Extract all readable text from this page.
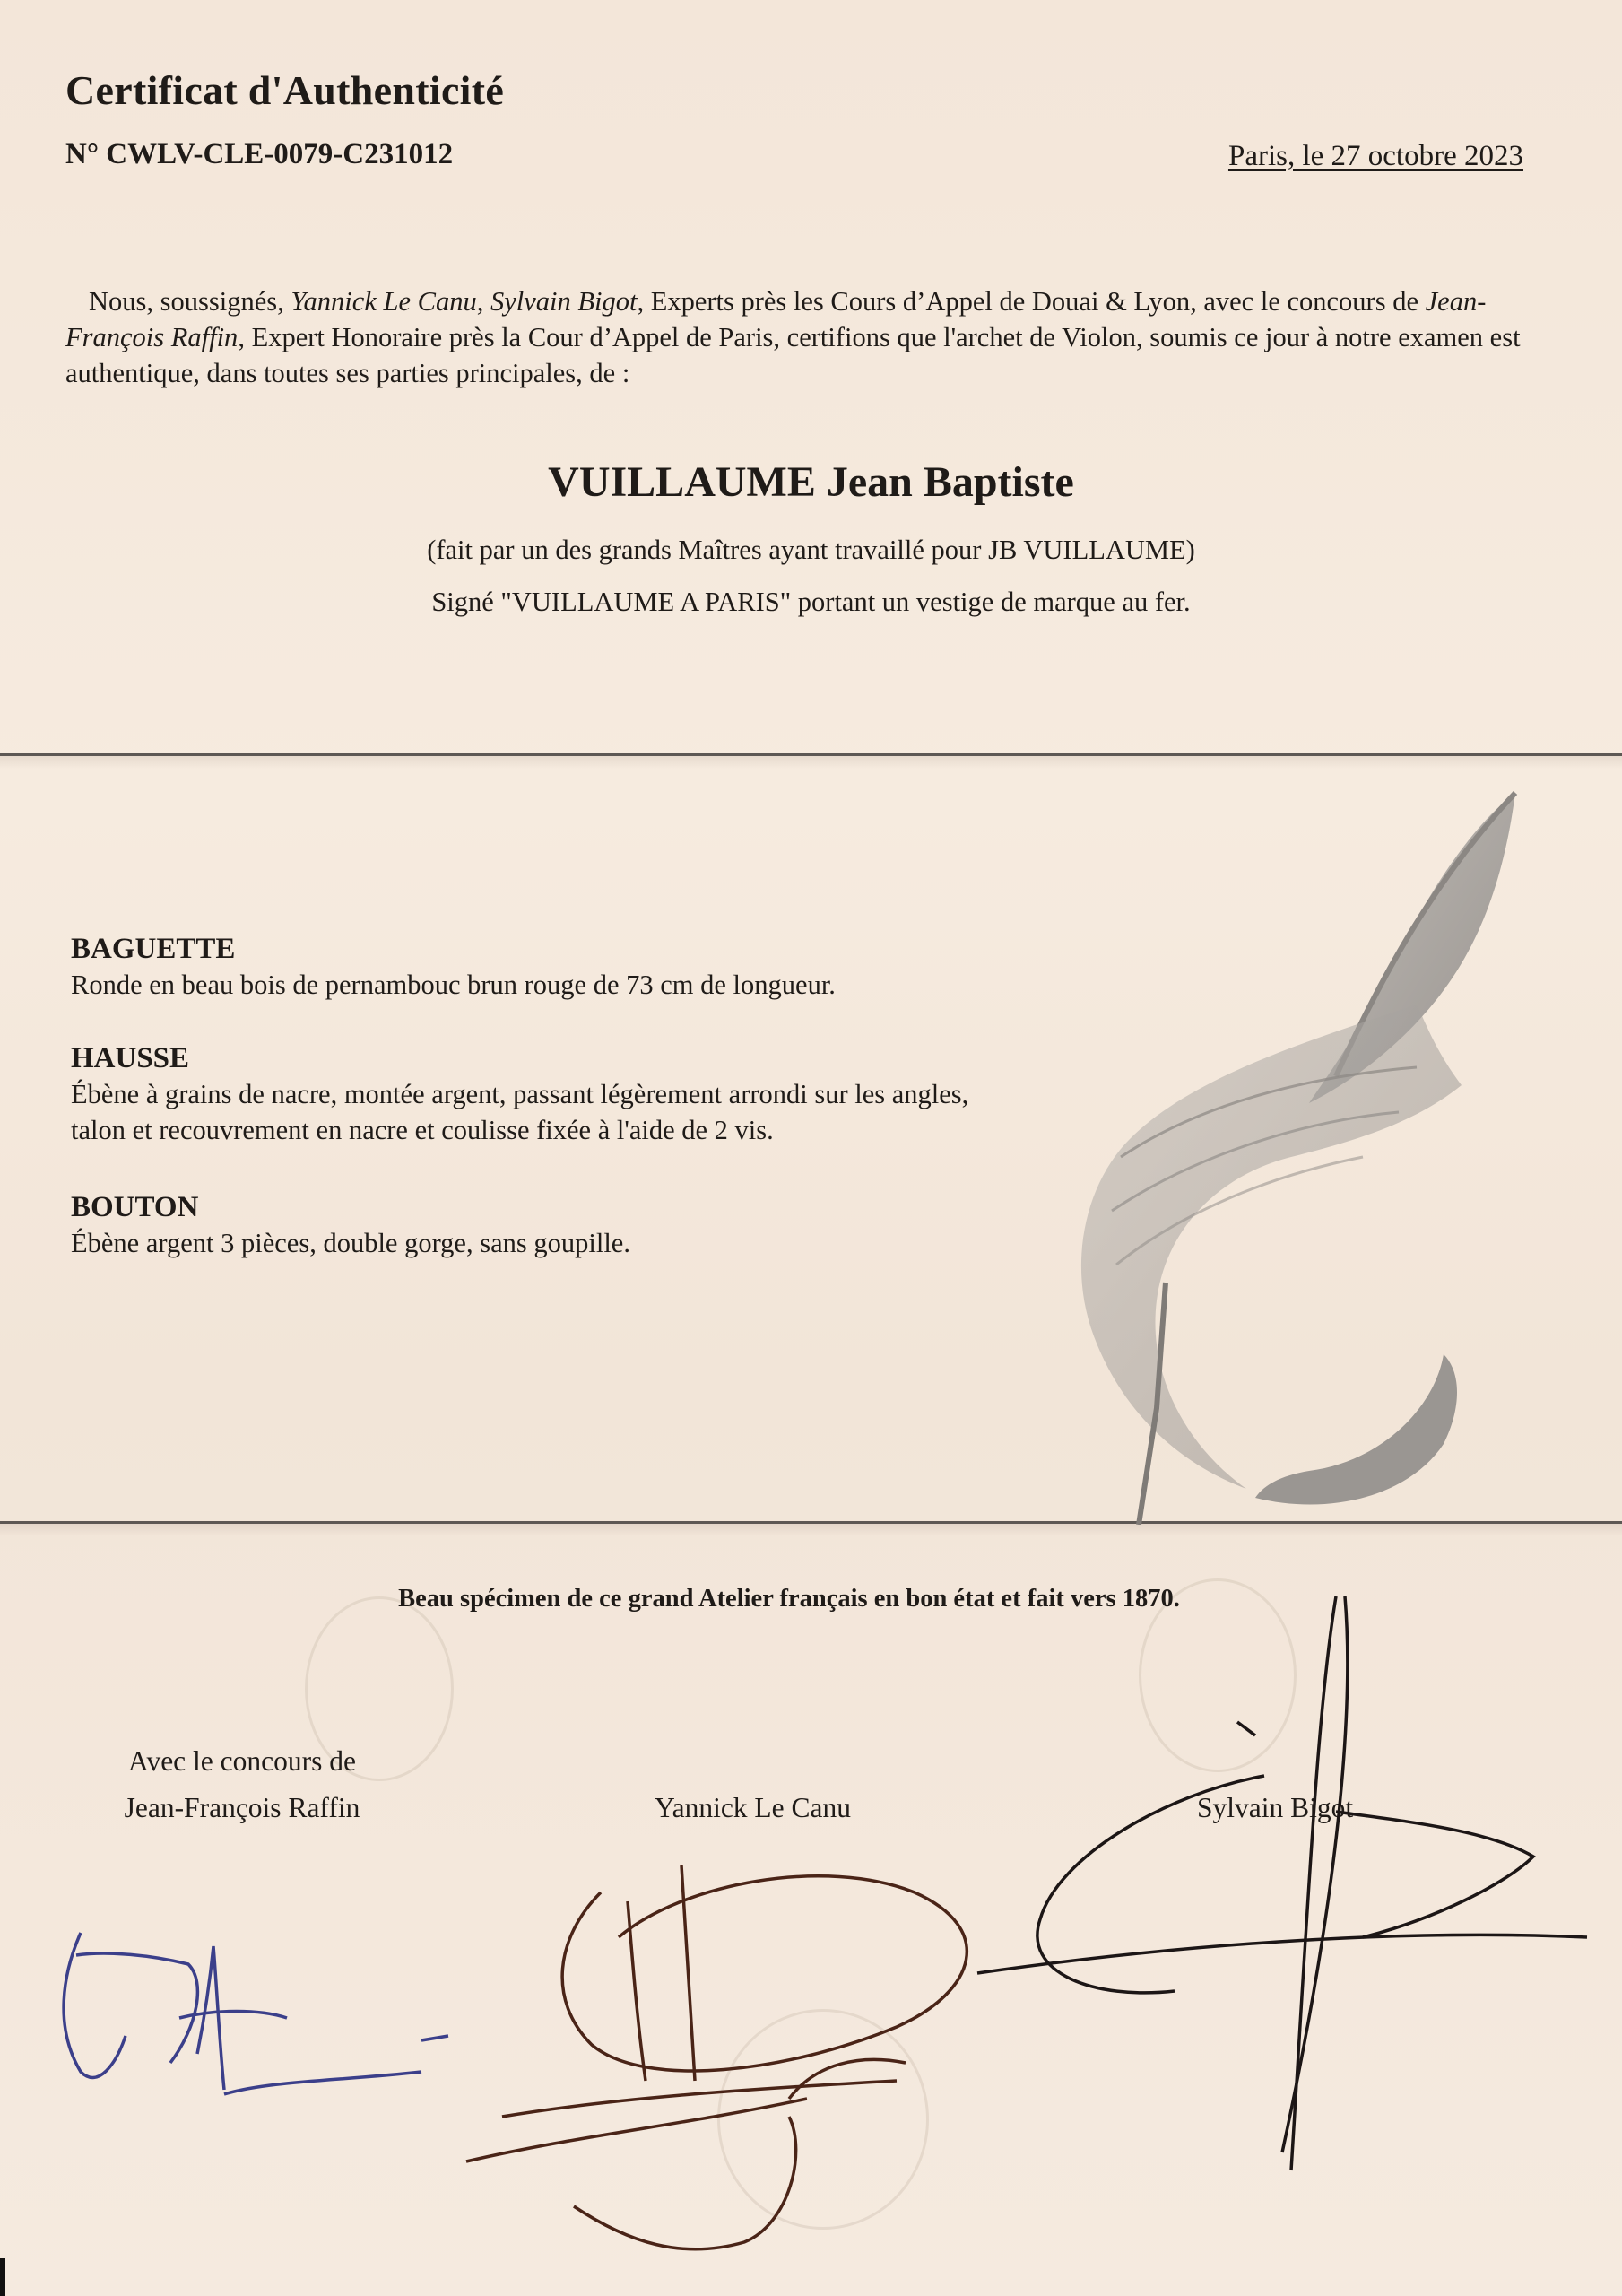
Certificat d'Authenticité
N° CWLV-CLE-0079-C231012	Paris, le 27 octobre 2023
Nous, soussignés, Yannick Le Canu, Sylvain Bigot, Experts près les Cours d’Appel de Douai & Lyon, avec le concours de Jean-François Raffin, Expert Honoraire près la Cour d’Appel de Paris, certifions que l'archet de Violon, soumis ce jour à notre examen est authentique, dans toutes ses parties principales, de :
VUILLAUME Jean Baptiste
(fait par un des grands Maîtres ayant travaillé pour JB VUILLAUME)
Signé "VUILLAUME A PARIS" portant un vestige de marque au fer.
BAGUETTE

Ronde en beau bois de pernambouc brun rouge de 73 cm de longueur.

HAUSSE

Ébène à grains de nacre, montée argent, passant légèrement arrondi sur les angles, talon et recouvrement en nacre et coulisse fixée à l'aide de 2 vis.

BOUTON

Ébène argent 3 pièces, double gorge, sans goupille.

Beau spécimen de ce grand Atelier français en bon état et fait vers 1870.
Avec le concours de Jean-François Raffin	Yannick Le Canu	Sylvain Bigot
